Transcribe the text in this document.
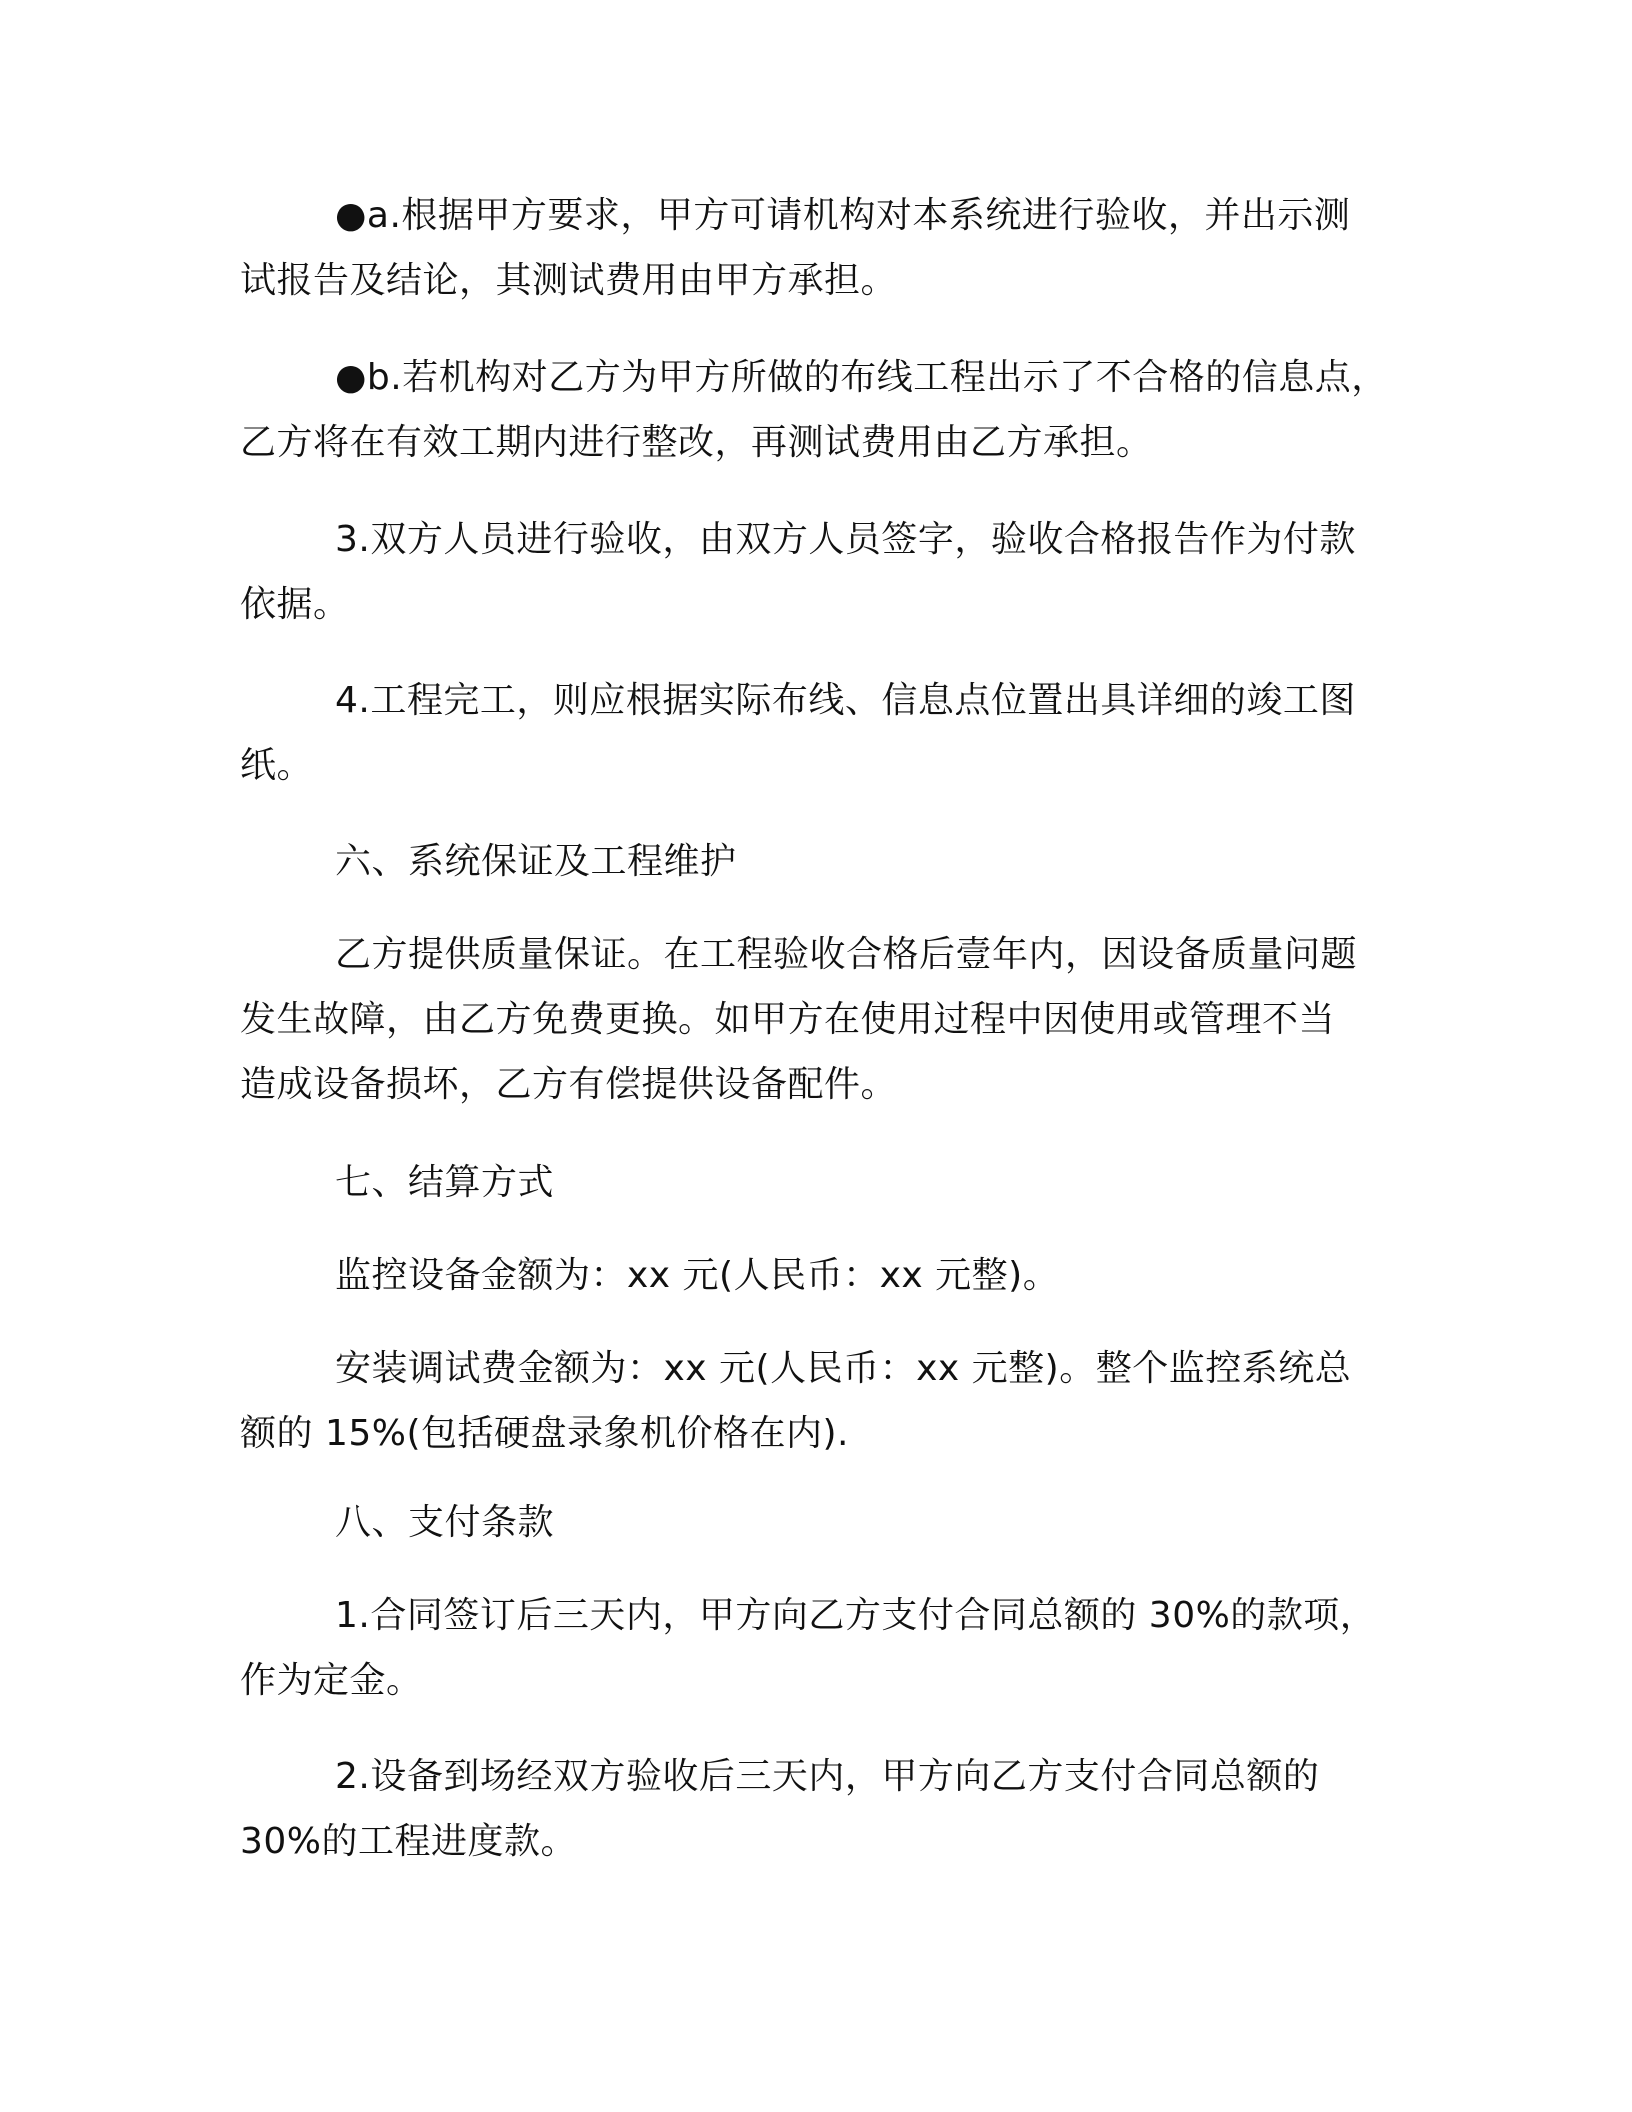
●a.根据甲方要求，甲方可请机构对本系统进行验收，并出示测
试报告及结论，其测试费用由甲方承担。
●b.若机构对乙方为甲方所做的布线工程出示了不合格的信息点，
乙方将在有效工期内进行整改，再测试费用由乙方承担。
3.双方人员进行验收，由双方人员签字，验收合格报告作为付款
依据。
4.工程完工，则应根据实际布线、信息点位置出具详细的竣工图
纸。
六、系统保证及工程维护
乙方提供质量保证。在工程验收合格后壹年内，因设备质量问题
发生故障，由乙方免费更换。如甲方在使用过程中因使用或管理不当
造成设备损坏，乙方有偿提供设备配件。
七、结算方式
监控设备金额为：xx 元(人民币：xx 元整)。
安装调试费金额为：xx 元(人民币：xx 元整)。整个监控系统总
额的 15%(包括硬盘录象机价格在内).
八、支付条款
1.合同签订后三天内，甲方向乙方支付合同总额的 30%的款项，
作为定金。
2.设备到场经双方验收后三天内，甲方向乙方支付合同总额的
30%的工程进度款。
